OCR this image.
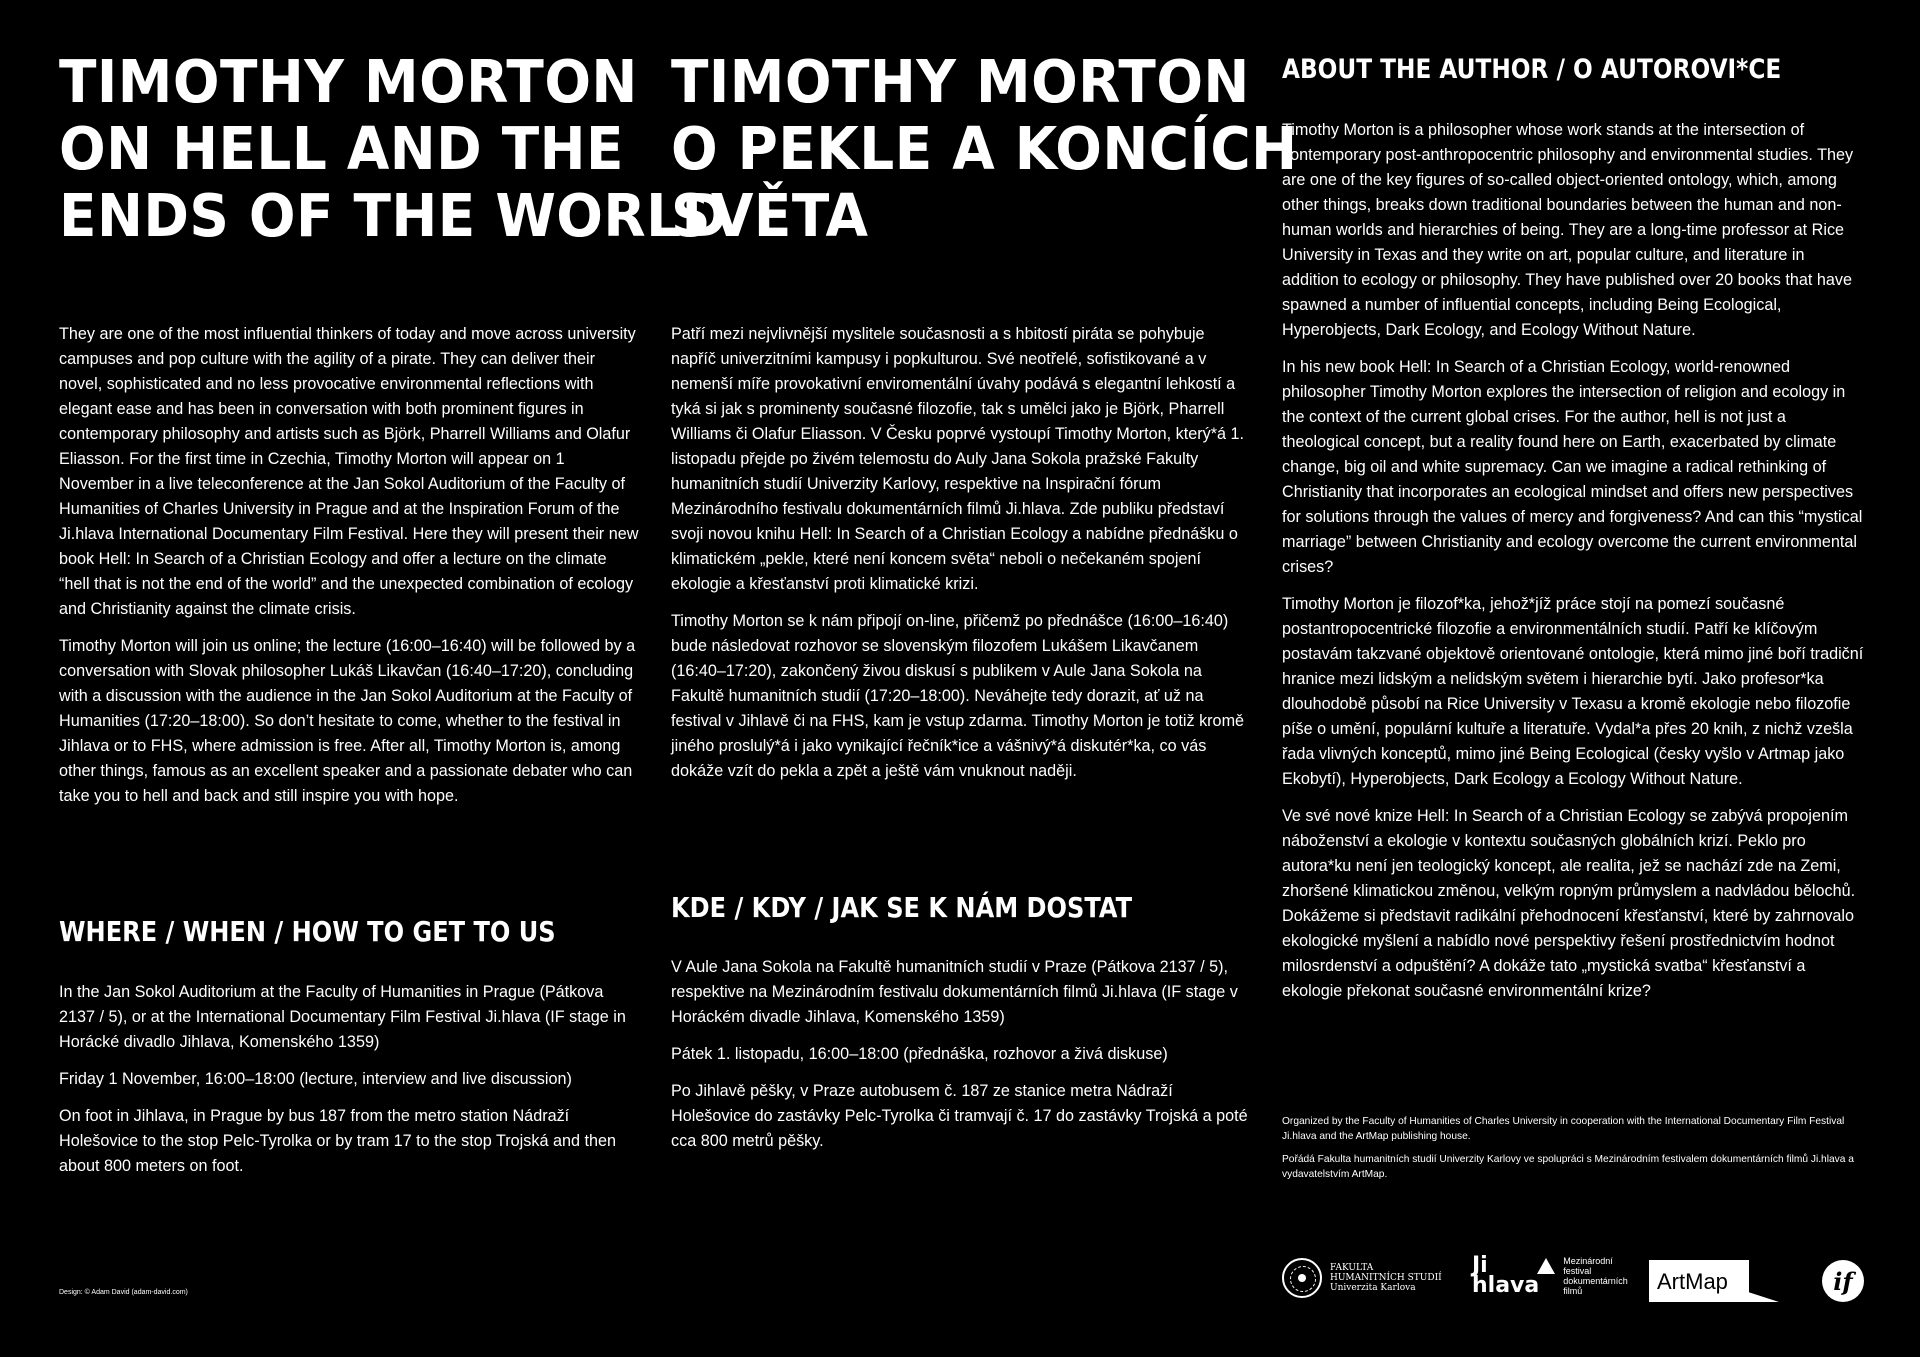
TIMOTHY MORTON
ON HELL AND THE
ENDS OF THE WORLD

They are one of the most influential thinkers of today and move across university campuses and pop culture with the agility of a pirate. They can deliver their novel, sophisticated and no less provocative environmental reflections with elegant ease and has been in conversation with both prominent figures in contemporary philosophy and artists such as Björk, Pharrell Williams and Olafur Eliasson. For the first time in Czechia, Timothy Morton will appear on 1 November in a live teleconference at the Jan Sokol Auditorium of the Faculty of Humanities of Charles University in Prague and at the Inspiration Forum of the Ji.hlava International Documentary Film Festival. Here they will present their new book Hell: In Search of a Christian Ecology and offer a lecture on the climate “hell that is not the end of the world” and the unexpected combination of ecology and Christianity against the climate crisis.

Timothy Morton will join us online; the lecture (16:00–16:40) will be followed by a conversation with Slovak philosopher Lukáš Likavčan (16:40–17:20), concluding with a discussion with the audience in the Jan Sokol Auditorium at the Faculty of Humanities (17:20–18:00). So don’t hesitate to come, whether to the festival in Jihlava or to FHS, where admission is free. After all, Timothy Morton is, among other things, famous as an excellent speaker and a passionate debater who can take you to hell and back and still inspire you with hope.

WHERE / WHEN / HOW TO GET TO US

In the Jan Sokol Auditorium at the Faculty of Humanities in Prague (Pátkova 2137 / 5), or at the International Documentary Film Festival Ji.hlava (IF stage in Horácké divadlo Jihlava, Komenského 1359)

Friday 1 November, 16:00–18:00 (lecture, interview and live discussion)

On foot in Jihlava, in Prague by bus 187 from the metro station Nádraží Holešovice to the stop Pelc-Tyrolka or by tram 17 to the stop Trojská and then about 800 meters on foot.

TIMOTHY MORTON
O PEKLE A KONCÍCH
SVĚTA

Patří mezi nejvlivnější myslitele současnosti a s hbitostí piráta se pohybuje napříč univerzitními kampusy i popkulturou. Své neotřelé, sofistikované a v nemenší míře provokativní enviromentální úvahy podává s elegantní lehkostí a tyká si jak s prominenty současné filozofie, tak s umělci jako je Björk, Pharrell Williams či Olafur Eliasson. V Česku poprvé vystoupí Timothy Morton, který*á 1. listopadu přejde po živém telemostu do Auly Jana Sokola pražské Fakulty humanitních studií Univerzity Karlovy, respektive na Inspirační fórum Mezinárodního festivalu dokumentárních filmů Ji.hlava. Zde publiku představí svoji novou knihu Hell: In Search of a Christian Ecology a nabídne přednášku o klimatickém „pekle, které není koncem světa“ neboli o nečekaném spojení ekologie a křesťanství proti klimatické krizi.

Timothy Morton se k nám připojí on-line, přičemž po přednášce (16:00–16:40) bude následovat rozhovor se slovenským filozofem Lukášem Likavčanem (16:40–17:20), zakončený živou diskusí s publikem v Aule Jana Sokola na Fakultě humanitních studií (17:20–18:00). Neváhejte tedy dorazit, ať už na festival v Jihlavě či na FHS, kam je vstup zdarma. Timothy Morton je totiž kromě jiného proslulý*á i jako vynikající řečník*ice a vášnivý*á diskutér*ka, co vás dokáže vzít do pekla a zpět a ještě vám vnuknout naději.

KDE / KDY / JAK SE K NÁM DOSTAT

V Aule Jana Sokola na Fakultě humanitních studií v Praze (Pátkova 2137 / 5), respektive na Mezinárodním festivalu dokumentárních filmů Ji.hlava (IF stage v Horáckém divadle Jihlava, Komenského 1359)

Pátek 1. listopadu, 16:00–18:00 (přednáška, rozhovor a živá diskuse)

Po Jihlavě pěšky, v Praze autobusem č. 187 ze stanice metra Nádraží Holešovice do zastávky Pelc-Tyrolka či tramvají č. 17 do zastávky Trojská a poté cca 800 metrů pěšky.

ABOUT THE AUTHOR / O AUTOROVI*CE

Timothy Morton is a philosopher whose work stands at the intersection of contemporary post-anthropocentric philosophy and environmental studies. They are one of the key figures of so-called object-oriented ontology, which, among other things, breaks down traditional boundaries between the human and non-human worlds and hierarchies of being. They are a long-time professor at Rice University in Texas and they write on art, popular culture, and literature in addition to ecology or philosophy. They have published over 20 books that have spawned a number of influential concepts, including Being Ecological, Hyperobjects, Dark Ecology, and Ecology Without Nature.

In his new book Hell: In Search of a Christian Ecology, world-renowned philosopher Timothy Morton explores the intersection of religion and ecology in the context of the current global crises. For the author, hell is not just a theological concept, but a reality found here on Earth, exacerbated by climate change, big oil and white supremacy. Can we imagine a radical rethinking of Christianity that incorporates an ecological mindset and offers new perspectives for solutions through the values of mercy and forgiveness? And can this “mystical marriage” between Christianity and ecology overcome the current environmental crises?

Timothy Morton je filozof*ka, jehož*jíž práce stojí na pomezí současné postantropocentrické filozofie a environmentálních studií. Patří ke klíčovým postavám takzvané objektově orientované ontologie, která mimo jiné boří tradiční hranice mezi lidským a nelidským světem i hierarchie bytí. Jako profesor*ka dlouhodobě působí na Rice University v Texasu a kromě ekologie nebo filozofie píše o umění, populární kultuře a literatuře. Vydal*a přes 20 knih, z nichž vzešla řada vlivných konceptů, mimo jiné Being Ecological (česky vyšlo v Artmap jako Ekobytí), Hyperobjects, Dark Ecology a Ecology Without Nature.

Ve své nové knize Hell: In Search of a Christian Ecology se zabývá propojením náboženství a ekologie v kontextu současných globálních krizí. Peklo pro autora*ku není jen teologický koncept, ale realita, jež se nachází zde na Zemi, zhoršené klimatickou změnou, velkým ropným průmyslem a nadvládou bělochů. Dokážeme si představit radikální přehodnocení křesťanství, které by zahrnovalo ekologické myšlení a nabídlo nové perspektivy řešení prostřednictvím hodnot milosrdenství a odpuštění? A dokáže tato „mystická svatba“ křesťanství a ekologie překonat současné environmentální krize?

Organized by the Faculty of Humanities of Charles University in cooperation with the International Documentary Film Festival Ji.hlava and the ArtMap publishing house.

Pořádá Fakulta humanitních studií Univerzity Karlovy ve spolupráci s Mezinárodním festivalem dokumentárních filmů Ji.hlava a vydavatelstvím ArtMap.

FAKULTA
HUMANITNÍCH STUDIÍ
Univerzita Karlova
Ji
hlava
Mezinárodní
festival
dokumentárních
filmů	ArtMap	if
Design: © Adam David (adam-david.com)
